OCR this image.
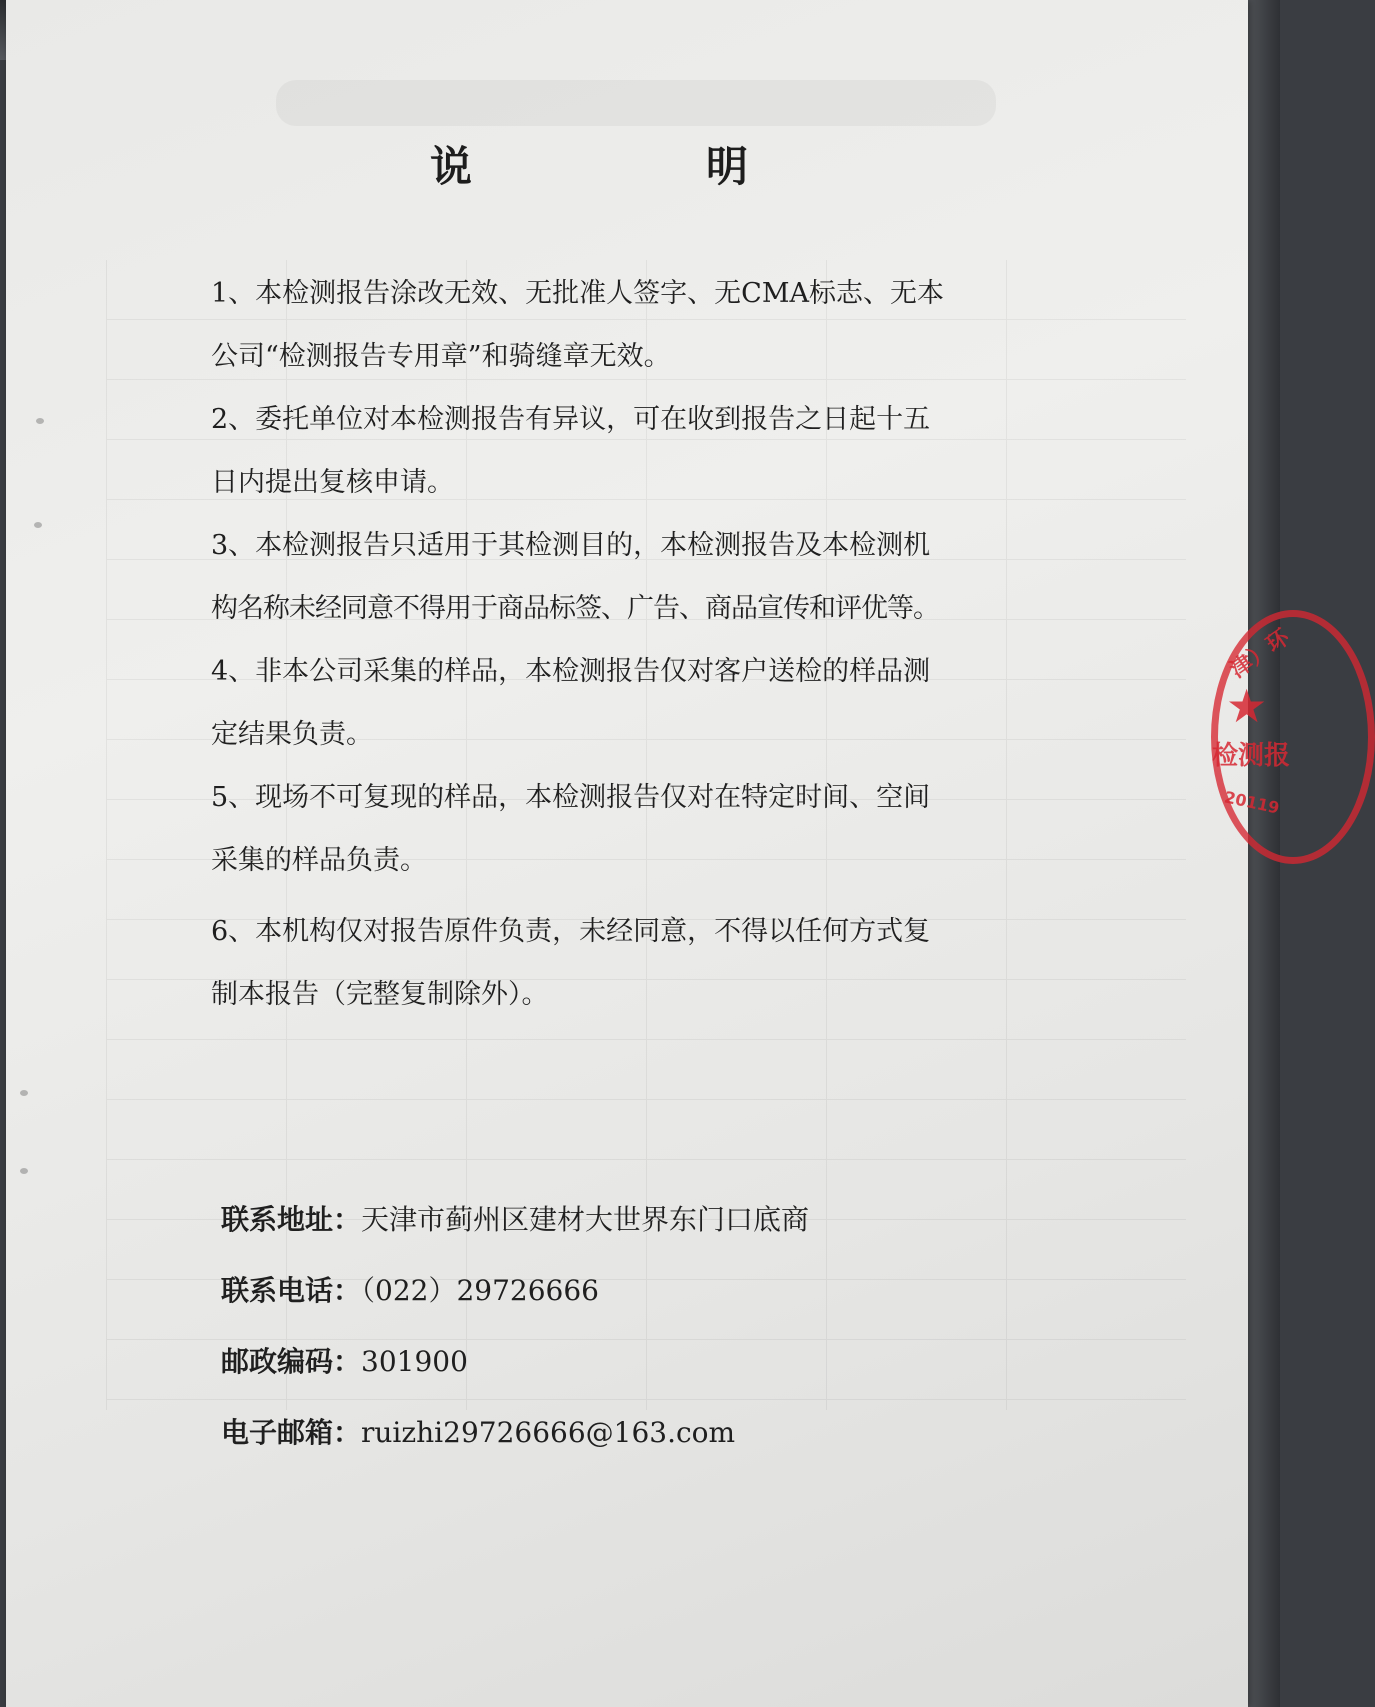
说　明
1、本检测报告涂改无效、无批准人签字、无CMA标志、无本
公司“检测报告专用章”和骑缝章无效。
2、委托单位对本检测报告有异议，可在收到报告之日起十五
日内提出复核申请。
3、本检测报告只适用于其检测目的，本检测报告及本检测机
构名称未经同意不得用于商品标签、广告、商品宣传和评优等。
4、非本公司采集的样品，本检测报告仅对客户送检的样品测
定结果负责。
5、现场不可复现的样品，本检测报告仅对在特定时间、空间
采集的样品负责。
6、本机构仅对报告原件负责，未经同意，不得以任何方式复
制本报告（完整复制除外）。
联系地址：天津市蓟州区建材大世界东门口底商
联系电话：（022）29726666
邮政编码：301900
电子邮箱：ruizhi29726666@163.com
津）环
★
检测报
20119
